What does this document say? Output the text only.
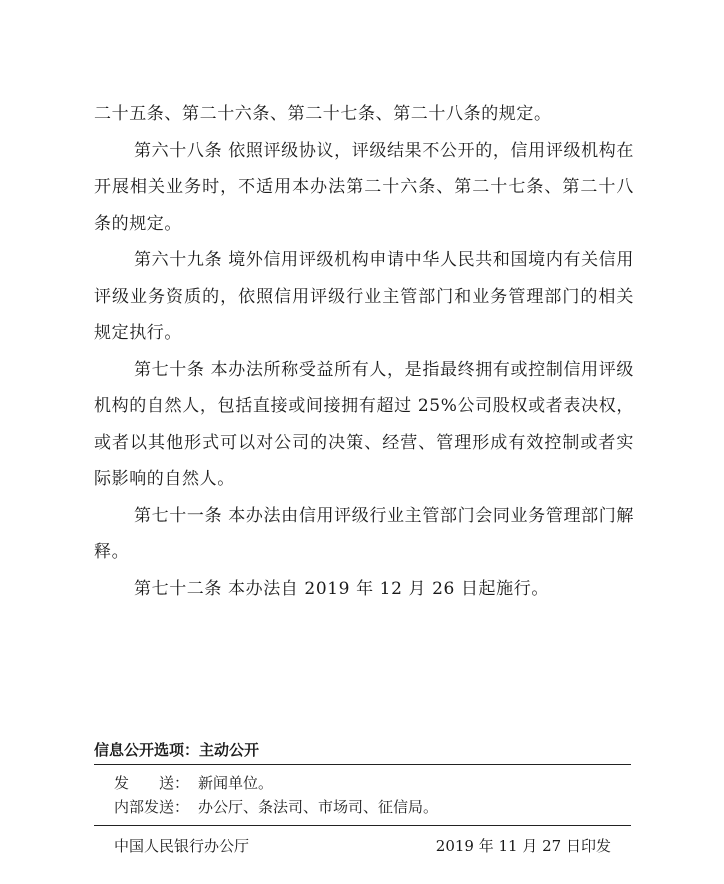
二十五条、第二十六条、第二十七条、第二十八条的规定。

第六十八条 依照评级协议，评级结果不公开的，信用评级机构在开展相关业务时，不适用本办法第二十六条、第二十七条、第二十八条的规定。

第六十九条 境外信用评级机构申请中华人民共和国境内有关信用评级业务资质的，依照信用评级行业主管部门和业务管理部门的相关规定执行。

第七十条 本办法所称受益所有人，是指最终拥有或控制信用评级机构的自然人，包括直接或间接拥有超过 25%公司股权或者表决权，或者以其他形式可以对公司的决策、经营、管理形成有效控制或者实际影响的自然人。

第七十一条 本办法由信用评级行业主管部门会同业务管理部门解释。

第七十二条 本办法自 2019 年 12 月 26 日起施行。

信息公开选项：主动公开
发　　送： 新闻单位。
内部发送： 办公厅、条法司、市场司、征信局。
中国人民银行办公厅	2019 年 11 月 27 日印发
